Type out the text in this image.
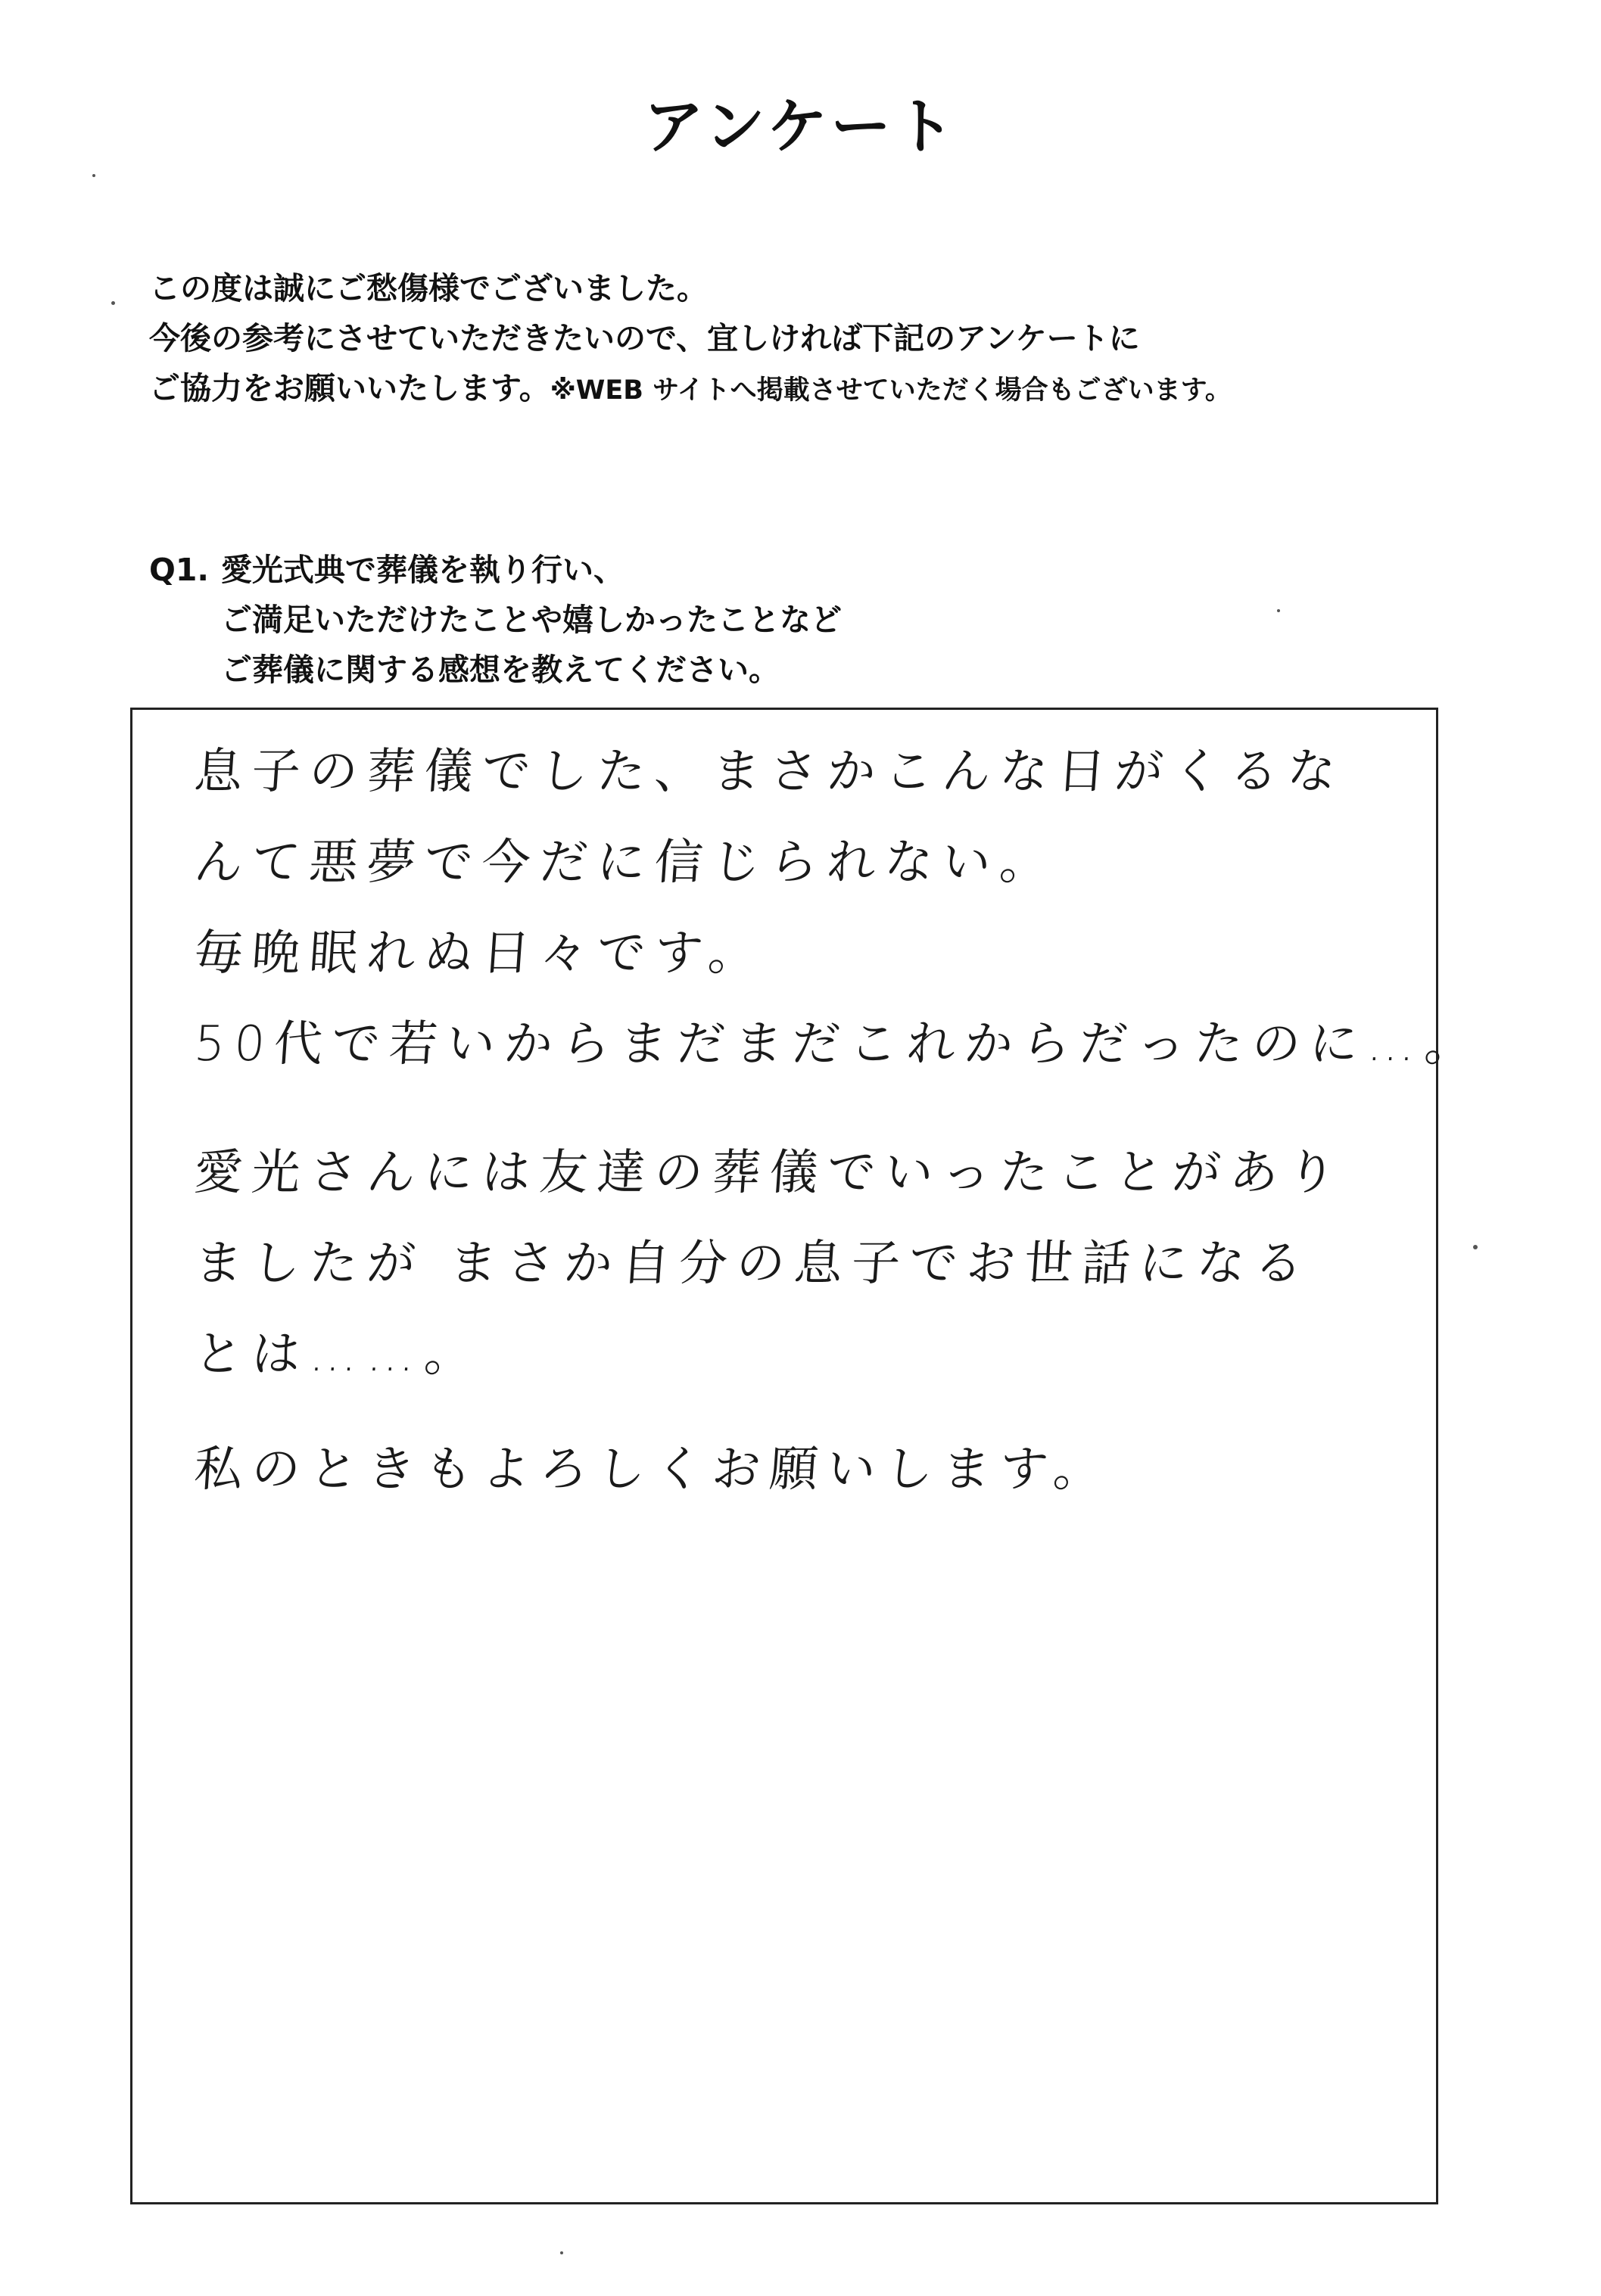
アンケート
この度は誠にご愁傷様でございました。
今後の参考にさせていただきたいので、宜しければ下記のアンケートに
ご協力をお願いいたします。※WEB サイトへ掲載させていただく場合もございます。
Q1. 愛光式典で葬儀を執り行い、
ご満足いただけたことや嬉しかったことなど
ご葬儀に関する感想を教えてください。
息子の葬儀でした、まさかこんな日がくるな
んて悪夢で今だに信じられない。
毎晩眠れぬ日々です。
50代で若いからまだまだこれからだったのに…。
愛光さんには友達の葬儀でいったことがあり
ましたが まさか自分の息子でお世話になる
とは……。
私のときもよろしくお願いします。
